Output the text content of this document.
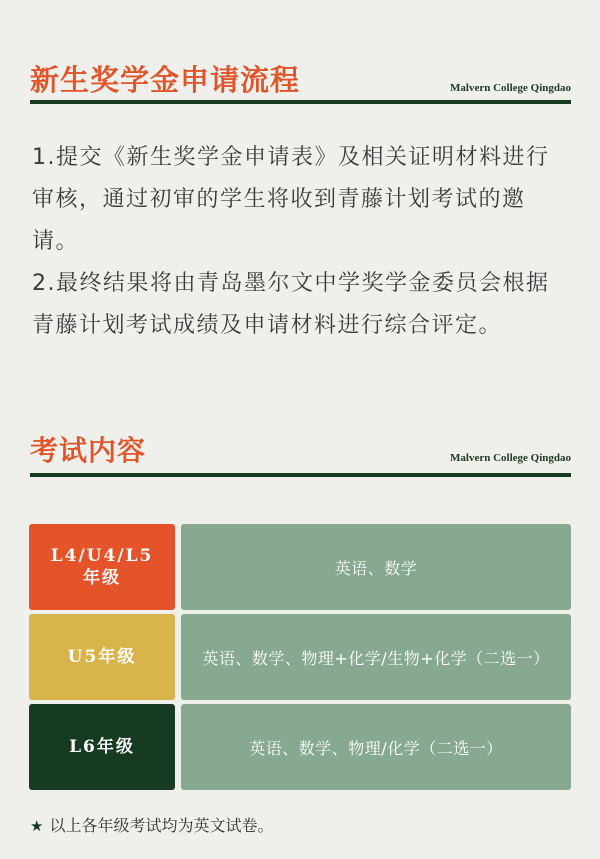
新生奖学金申请流程	Malvern College Qingdao

1.提交《新生奖学金申请表》及相关证明材料进行审核，通过初审的学生将收到青藤计划考试的邀请。

2.最终结果将由青岛墨尔文中学奖学金委员会根据青藤计划考试成绩及申请材料进行综合评定。

考试内容	Malvern College Qingdao
L4/U4/L5
年级	英语、数学
U5年级	英语、数学、物理+化学/生物+化学（二选一）
L6年级	英语、数学、物理/化学（二选一）
★ 以上各年级考试均为英文试卷。
